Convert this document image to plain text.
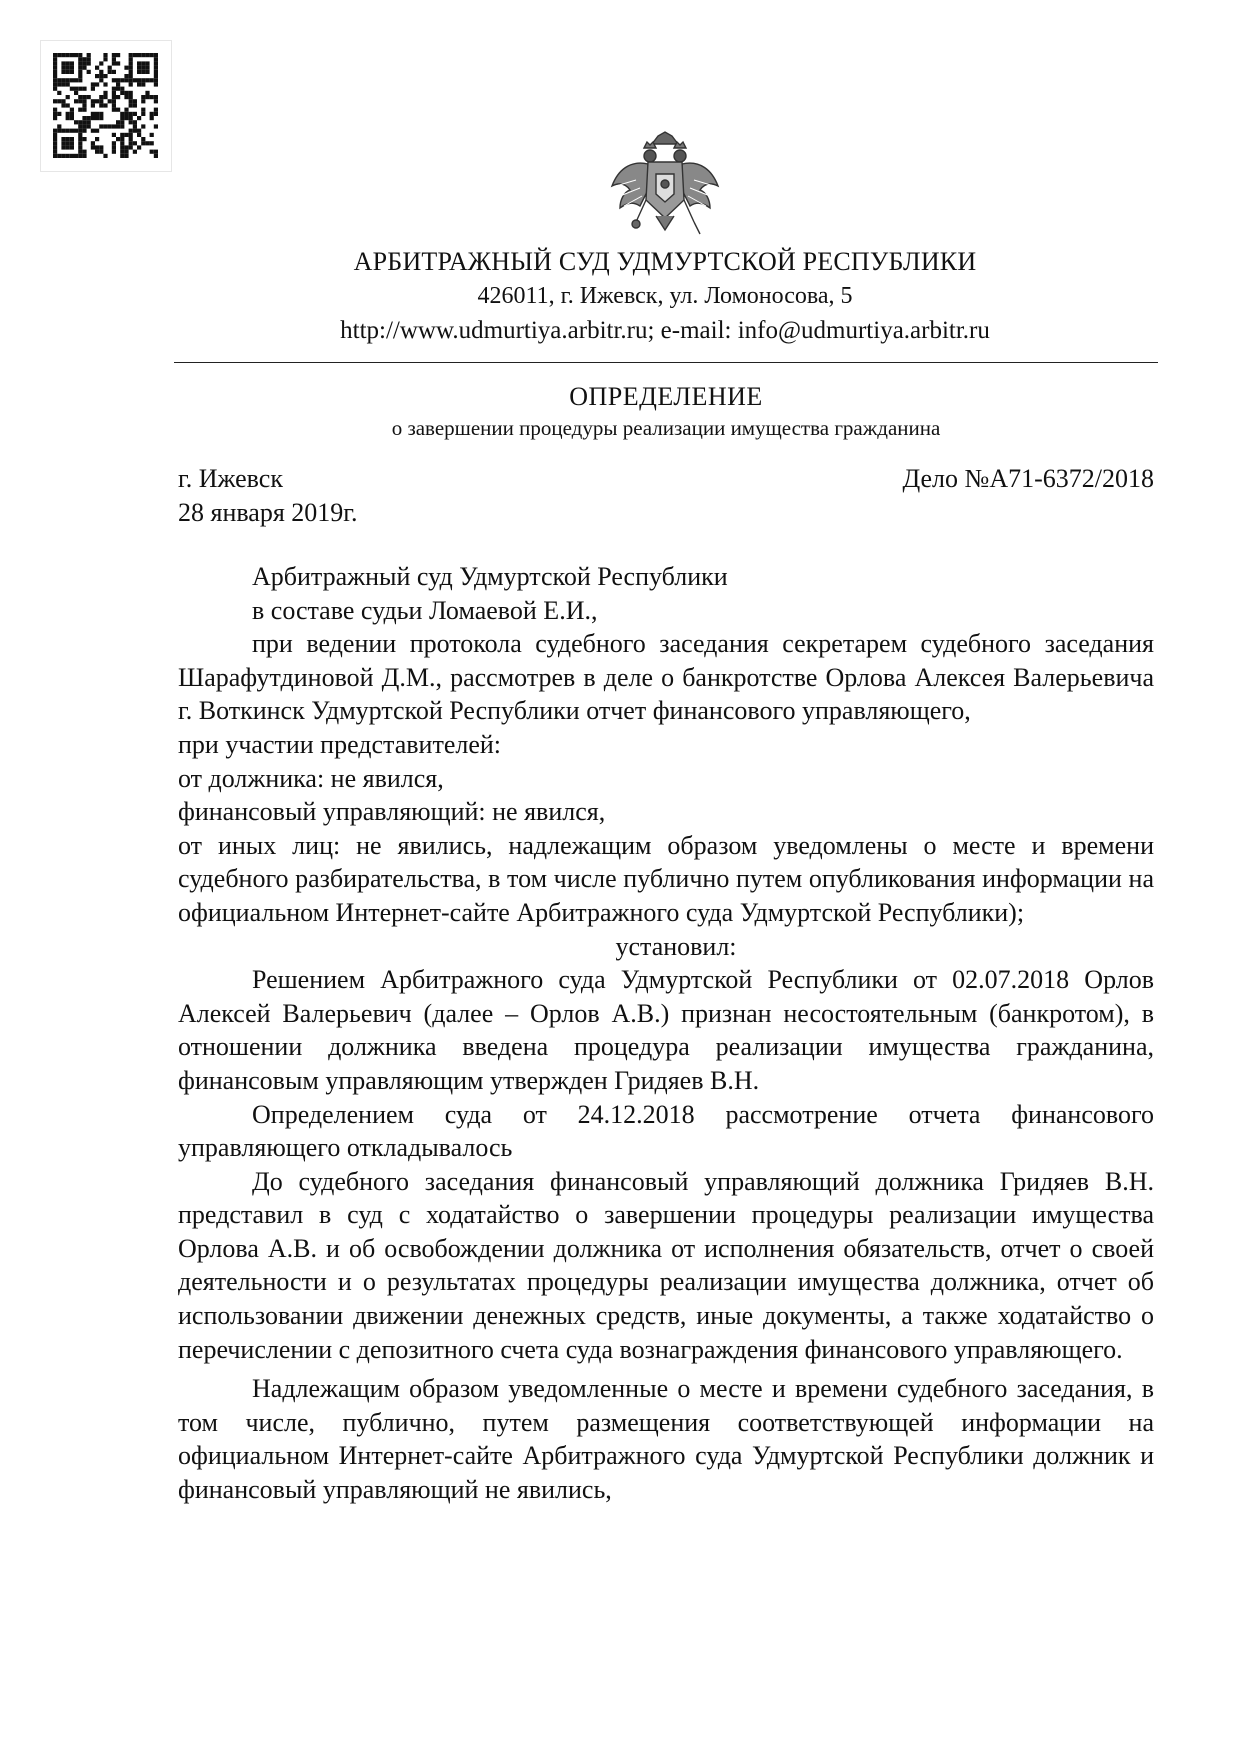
АРБИТРАЖНЫЙ СУД УДМУРТСКОЙ РЕСПУБЛИКИ
426011, г. Ижевск, ул. Ломоносова, 5
http://www.udmurtiya.arbitr.ru; e-mail: info@udmurtiya.arbitr.ru
ОПРЕДЕЛЕНИЕ
о завершении процедуры реализации имущества гражданина
г. Ижевск	Дело №А71-6372/2018
28 января 2019г.

Арбитражный суд Удмуртской Республики

в составе судьи Ломаевой Е.И.,

при ведении протокола судебного заседания секретарем судебного заседания Шарафутдиновой Д.М., рассмотрев в деле о банкротстве Орлова Алексея Валерьевича г. Воткинск Удмуртской Республики отчет финансового управляющего,

при участии представителей:

от должника: не явился,

финансовый управляющий: не явился,

от иных лиц: не явились, надлежащим образом уведомлены о месте и времени судебного разбирательства, в том числе публично путем опубликования информации на официальном Интернет-сайте Арбитражного суда Удмуртской Республики);

установил:

Решением Арбитражного суда Удмуртской Республики от 02.07.2018 Орлов Алексей Валерьевич (далее – Орлов А.В.) признан несостоятельным (банкротом), в отношении должника введена процедура реализации имущества гражданина, финансовым управляющим утвержден Гридяев В.Н.

Определением суда от 24.12.2018 рассмотрение отчета финансового управляющего откладывалось

До судебного заседания финансовый управляющий должника Гридяев В.Н. представил в суд с ходатайство о завершении процедуры реализации имущества Орлова А.В. и об освобождении должника от исполнения обязательств, отчет о своей деятельности и о результатах процедуры реализации имущества должника, отчет об использовании движении денежных средств, иные документы, а также ходатайство о перечислении с депозитного счета суда вознаграждения финансового управляющего.

Надлежащим образом уведомленные о месте и времени судебного заседания, в том числе, публично, путем размещения соответствующей информации на официальном Интернет-сайте Арбитражного суда Удмуртской Республики должник и финансовый управляющий не явились,
